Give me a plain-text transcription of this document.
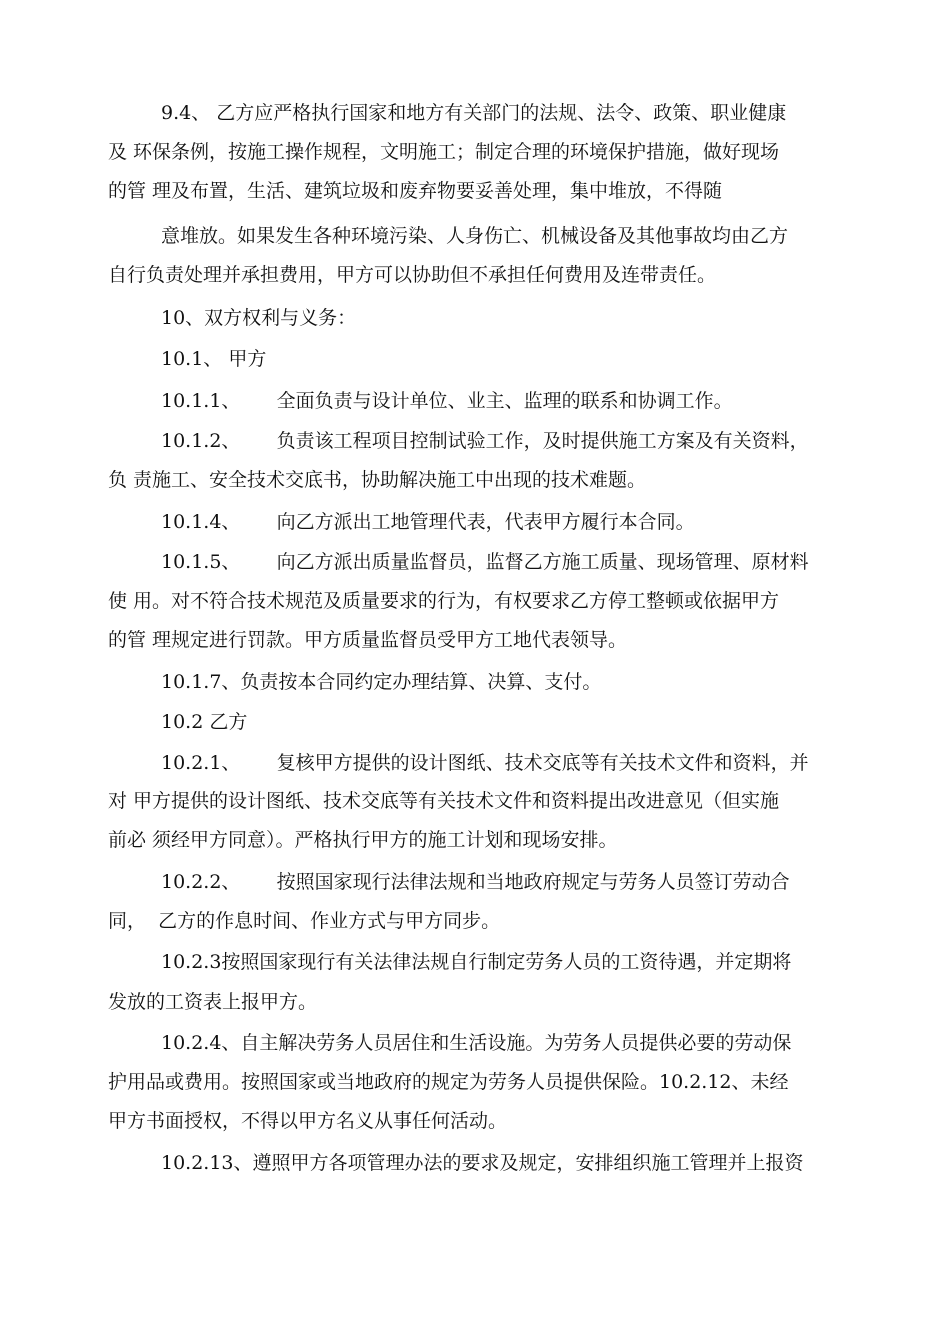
9.4、 乙方应严格执行国家和地方有关部门的法规、法令、政策、职业健康
及 环保条例，按施工操作规程，文明施工；制定合理的环境保护措施，做好现场
的管 理及布置，生活、建筑垃圾和废弃物要妥善处理，集中堆放，不得随
意堆放。如果发生各种环境污染、人身伤亡、机械设备及其他事故均由乙方
自行负责处理并承担费用，甲方可以协助但不承担任何费用及连带责任。
10、双方权利与义务：
10.1、 甲方
10.1.1、      全面负责与设计单位、业主、监理的联系和协调工作。
10.1.2、      负责该工程项目控制试验工作，及时提供施工方案及有关资料，
负 责施工、安全技术交底书，协助解决施工中出现的技术难题。
10.1.4、      向乙方派出工地管理代表，代表甲方履行本合同。
10.1.5、      向乙方派出质量监督员，监督乙方施工质量、现场管理、原材料
使 用。对不符合技术规范及质量要求的行为，有权要求乙方停工整顿或依据甲方
的管 理规定进行罚款。甲方质量监督员受甲方工地代表领导。
10.1.7、负责按本合同约定办理结算、决算、支付。
10.2 乙方
10.2.1、      复核甲方提供的设计图纸、技术交底等有关技术文件和资料，并
对 甲方提供的设计图纸、技术交底等有关技术文件和资料提出改进意见（但实施
前必 须经甲方同意）。严格执行甲方的施工计划和现场安排。
10.2.2、      按照国家现行法律法规和当地政府规定与劳务人员签订劳动合
同，  乙方的作息时间、作业方式与甲方同步。
10.2.3按照国家现行有关法律法规自行制定劳务人员的工资待遇，并定期将
发放的工资表上报甲方。
10.2.4、自主解决劳务人员居住和生活设施。为劳务人员提供必要的劳动保
护用品或费用。按照国家或当地政府的规定为劳务人员提供保险。10.2.12、未经
甲方书面授权，不得以甲方名义从事任何活动。
10.2.13、遵照甲方各项管理办法的要求及规定，安排组织施工管理并上报资
